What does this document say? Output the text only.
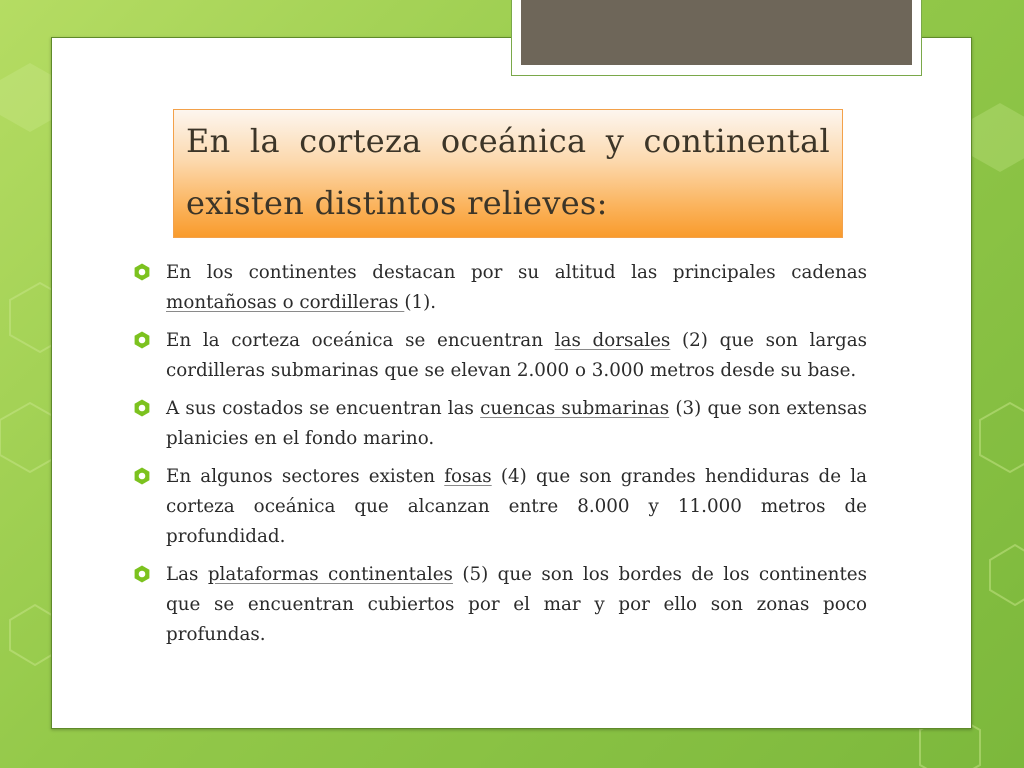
En la corteza oceánica y continental existen distintos relieves:
En los continentes destacan por su altitud las principales cadenas montañosas o cordilleras (1).
En la corteza oceánica se encuentran las dorsales (2) que son largas cordilleras submarinas que se elevan 2.000 o 3.000 metros desde su base.
A sus costados se encuentran las cuencas submarinas (3) que son extensas planicies en el fondo marino.
En algunos sectores existen fosas (4) que son grandes hendiduras de la corteza oceánica que alcanzan entre 8.000 y 11.000 metros de profundidad.
Las plataformas continentales (5) que son los bordes de los continentes que se encuentran cubiertos por el mar y por ello son zonas poco profundas.
